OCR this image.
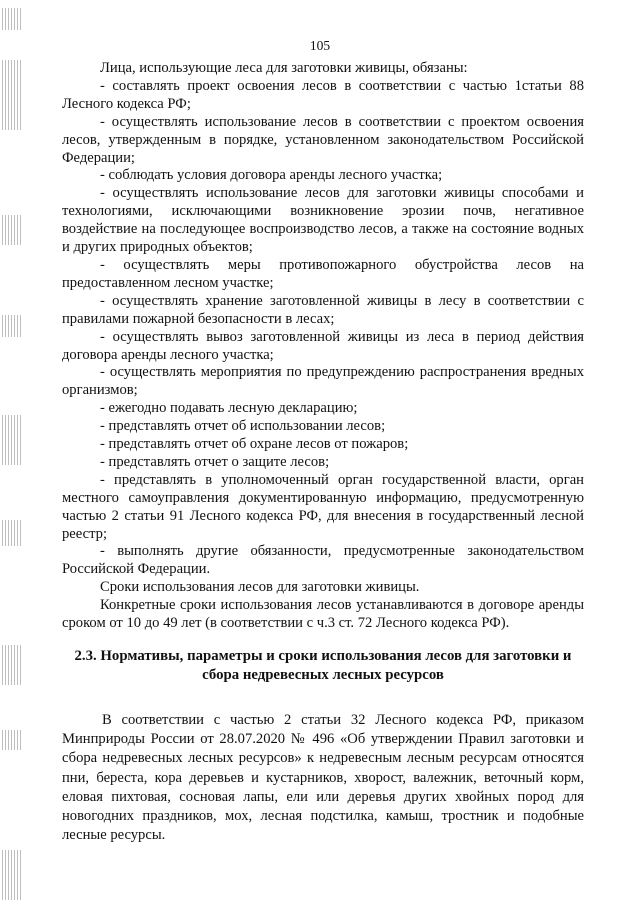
105

Лица, использующие леса для заготовки живицы, обязаны:

- составлять проект освоения лесов в соответствии с частью 1статьи 88 Лесного кодекса РФ;

- осуществлять использование лесов в соответствии с проектом освоения лесов, утвержденным в порядке, установленном законодательством Российской Федерации;

- соблюдать условия договора аренды лесного участка;

- осуществлять использование лесов для заготовки живицы способами и технологиями, исключающими возникновение эрозии почв, негативное воздействие на последующее воспроизводство лесов, а также на состояние водных и других природных объектов;

- осуществлять меры противопожарного обустройства лесов на предоставленном лесном участке;

- осуществлять хранение заготовленной живицы в лесу в соответствии с правилами пожарной безопасности в лесах;

- осуществлять вывоз заготовленной живицы из леса в период действия договора аренды лесного участка;

- осуществлять мероприятия по предупреждению распространения вредных организмов;

- ежегодно подавать лесную декларацию;

- представлять отчет об использовании лесов;

- представлять отчет об охране лесов от пожаров;

- представлять отчет о защите лесов;

- представлять в уполномоченный орган государственной власти, орган местного самоуправления документированную информацию, предусмотренную частью 2 статьи 91 Лесного кодекса РФ, для внесения в государственный лесной реестр;

- выполнять другие обязанности, предусмотренные законодательством Российской Федерации.

Сроки использования лесов для заготовки живицы.

Конкретные сроки использования лесов устанавливаются в договоре аренды сроком от 10 до 49 лет (в соответствии с ч.3 ст. 72 Лесного кодекса РФ).

2.3. Нормативы, параметры и сроки использования лесов для заготовки и сбора недревесных лесных ресурсов

В соответствии с частью 2 статьи 32 Лесного кодекса РФ, приказом Минприроды России от 28.07.2020 № 496 «Об утверждении Правил заготовки и сбора недревесных лесных ресурсов» к недревесным лесным ресурсам относятся пни, береста, кора деревьев и кустарников, хворост, валежник, веточный корм, еловая пихтовая, сосновая лапы, ели или деревья других хвойных пород для новогодних праздников, мох, лесная подстилка, камыш, тростник и подобные лесные ресурсы.
